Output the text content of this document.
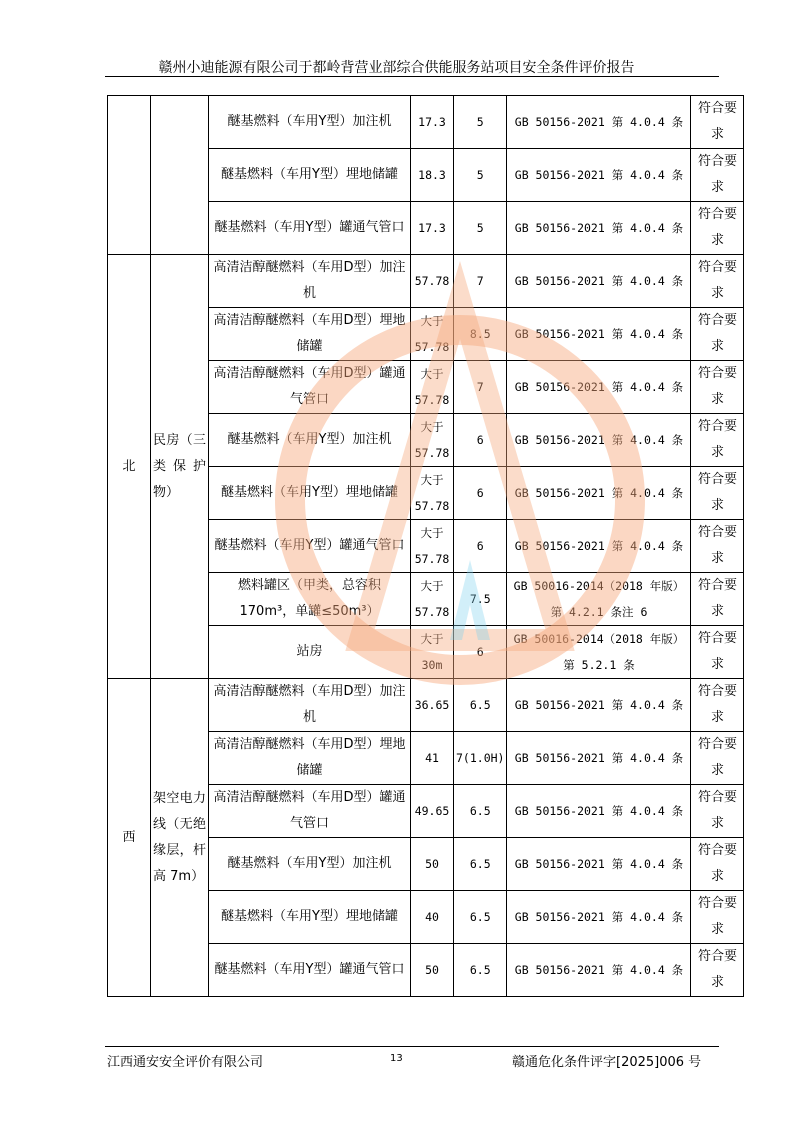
赣州小迪能源有限公司于都岭背营业部综合供能服务站项目安全条件评价报告
		醚基燃料（车用Y型）加注机	17.3	5	GB 50156-2021 第 4.0.4 条	符合要求
		醚基燃料（车用Y型）埋地储罐	18.3	5	GB 50156-2021 第 4.0.4 条	符合要求
		醚基燃料（车用Y型）罐通气管口	17.3	5	GB 50156-2021 第 4.0.4 条	符合要求
北	民房（三类保护物）	高清洁醇醚燃料（车用D型）加注机	57.78	7	GB 50156-2021 第 4.0.4 条	符合要求
		高清洁醇醚燃料（车用D型）埋地储罐	大于 57.78	8.5	GB 50156-2021 第 4.0.4 条	符合要求
		高清洁醇醚燃料（车用D型）罐通气管口	大于 57.78	7	GB 50156-2021 第 4.0.4 条	符合要求
		醚基燃料（车用Y型）加注机	大于 57.78	6	GB 50156-2021 第 4.0.4 条	符合要求
		醚基燃料（车用Y型）埋地储罐	大于 57.78	6	GB 50156-2021 第 4.0.4 条	符合要求
		醚基燃料（车用Y型）罐通气管口	大于 57.78	6	GB 50156-2021 第 4.0.4 条	符合要求
		燃料罐区（甲类，总容积170m³，单罐≤50m³）	大于 57.78	7.5	GB 50016-2014（2018 年版）第 4.2.1 条注 6	符合要求
		站房	大于 30m	6	GB 50016-2014（2018 年版）第 5.2.1 条	符合要求
西	架空电力线（无绝缘层，杆高 7m）	高清洁醇醚燃料（车用D型）加注机	36.65	6.5	GB 50156-2021 第 4.0.4 条	符合要求
		高清洁醇醚燃料（车用D型）埋地储罐	41	7(1.0H)	GB 50156-2021 第 4.0.4 条	符合要求
		高清洁醇醚燃料（车用D型）罐通气管口	49.65	6.5	GB 50156-2021 第 4.0.4 条	符合要求
		醚基燃料（车用Y型）加注机	50	6.5	GB 50156-2021 第 4.0.4 条	符合要求
		醚基燃料（车用Y型）埋地储罐	40	6.5	GB 50156-2021 第 4.0.4 条	符合要求
		醚基燃料（车用Y型）罐通气管口	50	6.5	GB 50156-2021 第 4.0.4 条	符合要求
江西通安安全评价有限公司	13	赣通危化条件评字[2025]006 号
